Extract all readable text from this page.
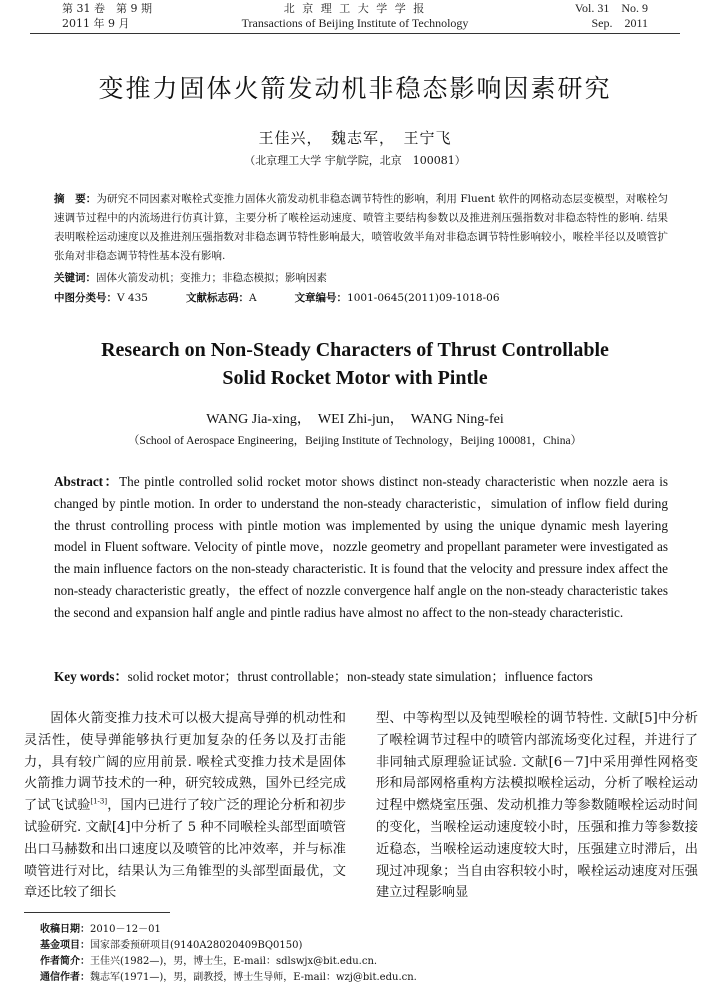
第 31 卷　第 9 期
2011 年 9 月
北 京 理 工 大 学 学 报
Transactions of Beijing Institute of Technology
Vol. 31　No. 9
Sep.　2011
变推力固体火箭发动机非稳态影响因素研究
王佳兴，　魏志军，　王宁飞
（北京理工大学 宇航学院，北京　100081）
摘　要：为研究不同因素对喉栓式变推力固体火箭发动机非稳态调节特性的影响，利用 Fluent 软件的网格动态层变模型，对喉栓匀速调节过程中的内流场进行仿真计算，主要分析了喉栓运动速度、喷管主要结构参数以及推进剂压强指数对非稳态特性的影响. 结果表明喉栓运动速度以及推进剂压强指数对非稳态调节特性影响最大，喷管收敛半角对非稳态调节特性影响较小，喉栓半径以及喷管扩张角对非稳态调节特性基本没有影响.
关键词：固体火箭发动机；变推力；非稳态模拟；影响因素
中图分类号：V 435	文献标志码：A	文章编号：1001-0645(2011)09-1018-06
Research on Non-Steady Characters of Thrust Controllable
Solid Rocket Motor with Pintle
WANG Jia-xing，　WEI Zhi-jun，　WANG Ning-fei
（School of Aerospace Engineering，Beijing Institute of Technology，Beijing 100081，China）
Abstract：The pintle controlled solid rocket motor shows distinct non-steady characteristic when nozzle aera is changed by pintle motion. In order to understand the non-steady characteristic，simulation of inflow field during the thrust controlling process with pintle motion was implemented by using the unique dynamic mesh layering model in Fluent software. Velocity of pintle move，nozzle geometry and propellant parameter were investigated as the main influence factors on the non-steady characteristic. It is found that the velocity and pressure index affect the non-steady characteristic greatly，the effect of nozzle convergence half angle on the non-steady characteristic takes the second and expansion half angle and pintle radius have almost no affect to the non-steady characteristic.
Key words：solid rocket motor；thrust controllable；non-steady state simulation；influence factors
固体火箭变推力技术可以极大提高导弹的机动性和灵活性，使导弹能够执行更加复杂的任务以及打击能力，具有较广阔的应用前景. 喉栓式变推力技术是固体火箭推力调节技术的一种，研究较成熟，国外已经完成了试飞试验[1-3]，国内已进行了较广泛的理论分析和初步试验研究. 文献[4]中分析了 5 种不同喉栓头部型面喷管出口马赫数和出口速度以及喷管的比冲效率，并与标准喷管进行对比，结果认为三角锥型的头部型面最优，文章还比较了细长
型、中等构型以及钝型喉栓的调节特性. 文献[5]中分析了喉栓调节过程中的喷管内部流场变化过程，并进行了非同轴式原理验证试验. 文献[6－7]中采用弹性网格变形和局部网格重构方法模拟喉栓运动，分析了喉栓运动过程中燃烧室压强、发动机推力等参数随喉栓运动时间的变化，当喉栓运动速度较小时，压强和推力等参数接近稳态，当喉栓运动速度较大时，压强建立时滞后，出现过冲现象；当自由容积较小时，喉栓运动速度对压强建立过程影响显
收稿日期：2010－12－01
基金项目：国家部委预研项目(9140A28020409BQ0150)
作者简介：王佳兴(1982—)，男，博士生，E-mail：sdlswjx@bit.edu.cn.
通信作者：魏志军(1971—)，男，副教授，博士生导师，E-mail：wzj@bit.edu.cn.
